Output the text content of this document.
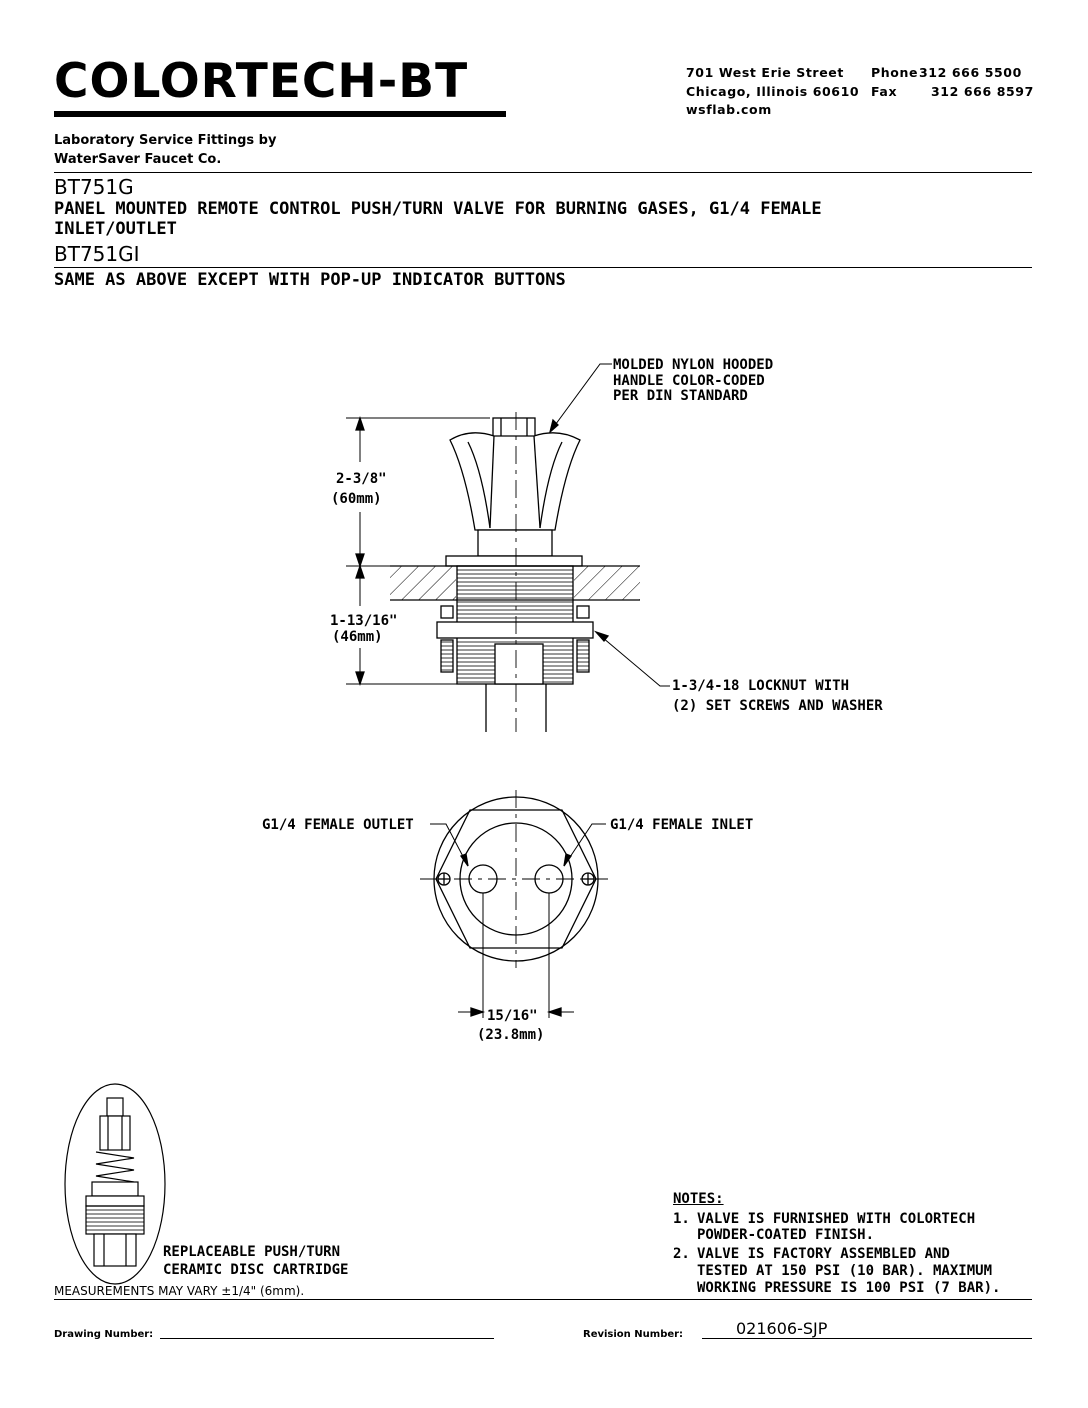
COLORTECH-BT	701 West Erie Street Phone 312 666 5500
Chicago, Illinois 60610 Fax	312 666 8597
wsflab.com
Laboratory Service Fittings by
WaterSaver Faucet Co.
BT751G
PANEL MOUNTED REMOTE CONTROL PUSH/TURN VALVE FOR BURNING GASES, G1/4 FEMALE
INLET/OUTLET
BT751GI
SAME AS ABOVE EXCEPT WITH POP-UP INDICATOR BUTTONS
MOLDED NYLON HOODED
HANDLE COLOR-CODED
PER DIN STANDARD
2-3/8"
(60mm)
1-13/16"
(46mm)
1-3/4-18 LOCKNUT WITH
(2) SET SCREWS AND WASHER
G1/4 FEMALE OUTLET	G1/4 FEMALE INLET
15/16"
(23.8mm)
REPLACEABLE PUSH/TURN
CERAMIC DISC CARTRIDGE
NOTES:
1. VALVE IS FURNISHED WITH COLORTECH
POWDER-COATED FINISH.
2. VALVE IS FACTORY ASSEMBLED AND
TESTED AT 150 PSI (10 BAR). MAXIMUM
WORKING PRESSURE IS 100 PSI (7 BAR).
MEASUREMENTS MAY VARY ±1/4" (6mm).
Drawing Number:	Revision Number:	021606-SJP
